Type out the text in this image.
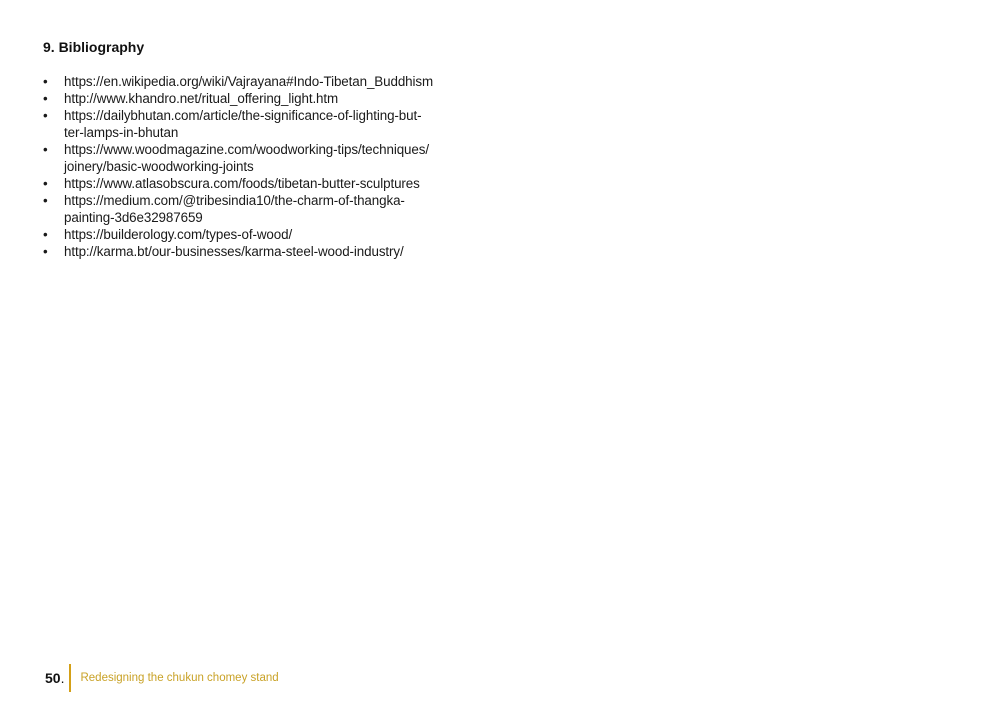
9. Bibliography
•	https://en.wikipedia.org/wiki/Vajrayana#Indo-Tibetan_Buddhism
•	http://www.khandro.net/ritual_offering_light.htm
•	https://dailybhutan.com/article/the-significance-of-lighting-but-
ter-lamps-in-bhutan
•	https://www.woodmagazine.com/woodworking-tips/techniques/
joinery/basic-woodworking-joints
•	https://www.atlasobscura.com/foods/tibetan-butter-sculptures
•	https://medium.com/@tribesindia10/the-charm-of-thangka-
painting-3d6e32987659
•	https://builderology.com/types-of-wood/
•	http://karma.bt/our-businesses/karma-steel-wood-industry/
50 . Redesigning the chukun chomey stand
